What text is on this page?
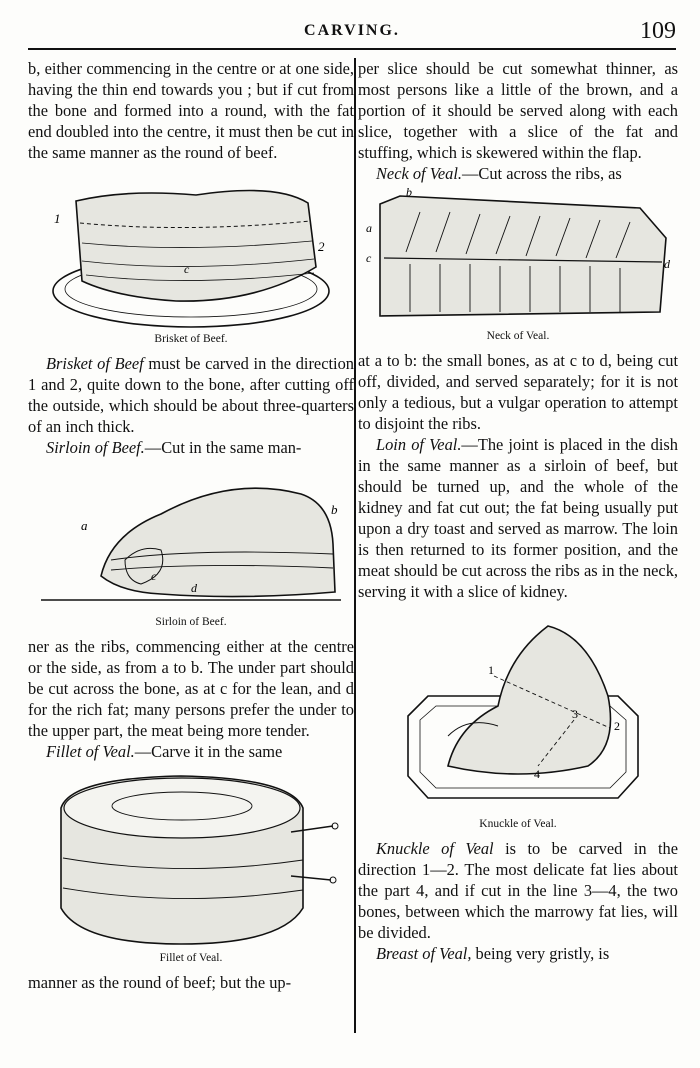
CARVING.	109

b, either commencing in the centre or at one side, having the thin end towards you ; but if cut from the bone and formed into a round, with the fat end doubled into the centre, it must then be cut in the same manner as the round of beef.

1
2
c
Brisket of Beef.

Brisket of Beef must be carved in the direction 1 and 2, quite down to the bone, after cutting off the outside, which should be about three-quarters of an inch thick.

Sirloin of Beef.—Cut in the same man-

a
b
c
d
Sirloin of Beef.

ner as the ribs, commencing either at the centre or the side, as from a to b. The under part should be cut across the bone, as at c for the lean, and d for the rich fat; many persons prefer the under to the upper part, the meat being more tender.

Fillet of Veal.—Carve it in the same

Fillet of Veal.

manner as the round of beef; but the up-

per slice should be cut somewhat thinner, as most persons like a little of the brown, and a portion of it should be served along with each slice, together with a slice of the fat and stuffing, which is skewered within the flap.

Neck of Veal.—Cut across the ribs, as

b
a
c	d
Neck of Veal.

at a to b: the small bones, as at c to d, being cut off, divided, and served separately; for it is not only a tedious, but a vulgar operation to attempt to disjoint the ribs.

Loin of Veal.—The joint is placed in the dish in the same manner as a sirloin of beef, but should be turned up, and the whole of the kidney and fat cut out; the fat being usually put upon a dry toast and served as marrow. The loin is then returned to its former position, and the meat should be cut across the ribs as in the neck, serving it with a slice of kidney.

1
2
3
4
Knuckle of Veal.

Knuckle of Veal is to be carved in the direction 1—2. The most delicate fat lies about the part 4, and if cut in the line 3—4, the two bones, between which the marrowy fat lies, will be divided.

Breast of Veal, being very gristly, is
